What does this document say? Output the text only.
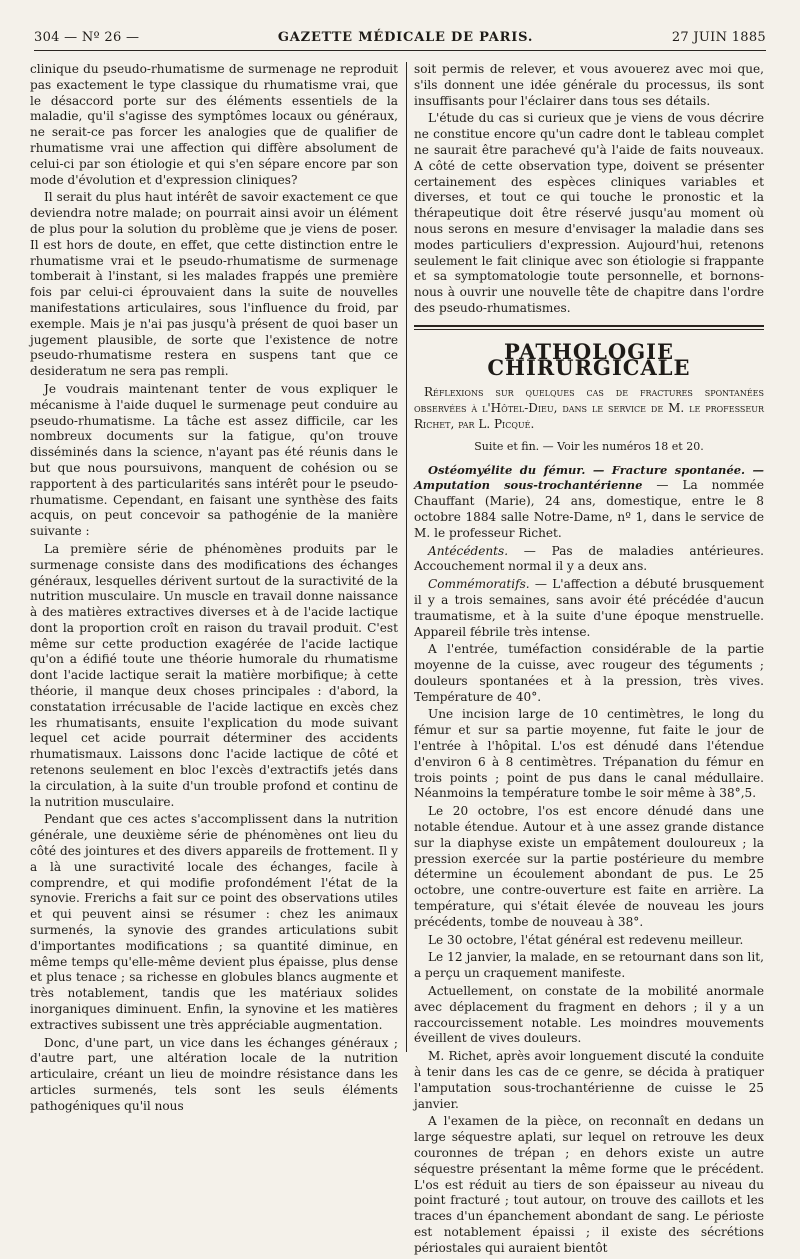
304 — Nº 26 —	GAZETTE MÉDICALE DE PARIS.	27 JUIN 1885

clinique du pseudo-rhumatisme de surmenage ne reproduit pas exactement le type classique du rhumatisme vrai, que le désaccord porte sur des éléments essentiels de la maladie, qu'il s'agisse des symptômes locaux ou généraux, ne serait-ce pas forcer les analogies que de qualifier de rhumatisme vrai une affection qui diffère absolument de celui-ci par son étiologie et qui s'en sépare encore par son mode d'évolution et d'expression cliniques?

Il serait du plus haut intérêt de savoir exactement ce que deviendra notre malade; on pourrait ainsi avoir un élément de plus pour la solution du problème que je viens de poser. Il est hors de doute, en effet, que cette distinction entre le rhumatisme vrai et le pseudo-rhumatisme de surmenage tomberait à l'instant, si les malades frappés une première fois par celui-ci éprouvaient dans la suite de nouvelles manifestations articulaires, sous l'influence du froid, par exemple. Mais je n'ai pas jusqu'à présent de quoi baser un jugement plausible, de sorte que l'existence de notre pseudo-rhumatisme restera en suspens tant que ce desideratum ne sera pas rempli.

Je voudrais maintenant tenter de vous expliquer le mécanisme à l'aide duquel le surmenage peut conduire au pseudo-rhumatisme. La tâche est assez difficile, car les nombreux documents sur la fatigue, qu'on trouve disséminés dans la science, n'ayant pas été réunis dans le but que nous poursuivons, manquent de cohésion ou se rapportent à des particularités sans intérêt pour le pseudo-rhumatisme. Cependant, en faisant une synthèse des faits acquis, on peut concevoir sa pathogénie de la manière suivante :

La première série de phénomènes produits par le surmenage consiste dans des modifications des échanges généraux, lesquelles dérivent surtout de la suractivité de la nutrition musculaire. Un muscle en travail donne naissance à des matières extractives diverses et à de l'acide lactique dont la proportion croît en raison du travail produit. C'est même sur cette production exagérée de l'acide lactique qu'on a édifié toute une théorie humorale du rhumatisme dont l'acide lactique serait la matière morbifique; à cette théorie, il manque deux choses principales : d'abord, la constatation irrécusable de l'acide lactique en excès chez les rhumatisants, ensuite l'explication du mode suivant lequel cet acide pourrait déterminer des accidents rhumatismaux. Laissons donc l'acide lactique de côté et retenons seulement en bloc l'excès d'extractifs jetés dans la circulation, à la suite d'un trouble profond et continu de la nutrition musculaire.

Pendant que ces actes s'accomplissent dans la nutrition générale, une deuxième série de phénomènes ont lieu du côté des jointures et des divers appareils de frottement. Il y a là une suractivité locale des échanges, facile à comprendre, et qui modifie profondément l'état de la synovie. Frerichs a fait sur ce point des observations utiles et qui peuvent ainsi se résumer : chez les animaux surmenés, la synovie des grandes articulations subit d'importantes modifications ; sa quantité diminue, en même temps qu'elle-même devient plus épaisse, plus dense et plus tenace ; sa richesse en globules blancs augmente et très notablement, tandis que les matériaux solides inorganiques diminuent. Enfin, la synovine et les matières extractives subissent une très appréciable augmentation.

Donc, d'une part, un vice dans les échanges généraux ; d'autre part, une altération locale de la nutrition articulaire, créant un lieu de moindre résistance dans les articles surmenés, tels sont les seuls éléments pathogéniques qu'il nous

soit permis de relever, et vous avouerez avec moi que, s'ils donnent une idée générale du processus, ils sont insuffisants pour l'éclairer dans tous ses détails.

L'étude du cas si curieux que je viens de vous décrire ne constitue encore qu'un cadre dont le tableau complet ne saurait être parachevé qu'à l'aide de faits nouveaux. A côté de cette observation type, doivent se présenter certainement des espèces cliniques variables et diverses, et tout ce qui touche le pronostic et la thérapeutique doit être réservé jusqu'au moment où nous serons en mesure d'envisager la maladie dans ses modes particuliers d'expression. Aujourd'hui, retenons seulement le fait clinique avec son étiologie si frappante et sa symptomatologie toute personnelle, et bornons-nous à ouvrir une nouvelle tête de chapitre dans l'ordre des pseudo-rhumatismes.

PATHOLOGIE CHIRURGICALE

Réflexions sur quelques cas de fractures spontanées observées à l'Hôtel-Dieu, dans le service de M. le professeur Richet, par L. Picqué.

Suite et fin. — Voir les numéros 18 et 20.

Ostéomyélite du fémur. — Fracture spontanée. — Amputation sous-trochantérienne — La nommée Chauffant (Marie), 24 ans, domestique, entre le 8 octobre 1884 salle Notre-Dame, nº 1, dans le service de M. le professeur Richet.

Antécédents. — Pas de maladies antérieures. Accouchement normal il y a deux ans.

Commémoratifs. — L'affection a débuté brusquement il y a trois semaines, sans avoir été précédée d'aucun traumatisme, et à la suite d'une époque menstruelle. Appareil fébrile très intense.

A l'entrée, tuméfaction considérable de la partie moyenne de la cuisse, avec rougeur des téguments ; douleurs spontanées et à la pression, très vives. Température de 40°.

Une incision large de 10 centimètres, le long du fémur et sur sa partie moyenne, fut faite le jour de l'entrée à l'hôpital. L'os est dénudé dans l'étendue d'environ 6 à 8 centimètres. Trépanation du fémur en trois points ; point de pus dans le canal médullaire. Néanmoins la température tombe le soir même à 38°,5.

Le 20 octobre, l'os est encore dénudé dans une notable étendue. Autour et à une assez grande distance sur la diaphyse existe un empâtement douloureux ; la pression exercée sur la partie postérieure du membre détermine un écoulement abondant de pus. Le 25 octobre, une contre-ouverture est faite en arrière. La température, qui s'était élevée de nouveau les jours précédents, tombe de nouveau à 38°.

Le 30 octobre, l'état général est redevenu meilleur.

Le 12 janvier, la malade, en se retournant dans son lit, a perçu un craquement manifeste.

Actuellement, on constate de la mobilité anormale avec déplacement du fragment en dehors ; il y a un raccourcissement notable. Les moindres mouvements éveillent de vives douleurs.

M. Richet, après avoir longuement discuté la conduite à tenir dans les cas de ce genre, se décida à pratiquer l'amputation sous-trochantérienne de cuisse le 25 janvier.

A l'examen de la pièce, on reconnaît en dedans un large séquestre aplati, sur lequel on retrouve les deux couronnes de trépan ; en dehors existe un autre séquestre présentant la même forme que le précédent. L'os est réduit au tiers de son épaisseur au niveau du point fracturé ; tout autour, on trouve des caillots et les traces d'un épanchement abondant de sang. Le périoste est notablement épaissi ; il existe des sécrétions périostales qui auraient bientôt
